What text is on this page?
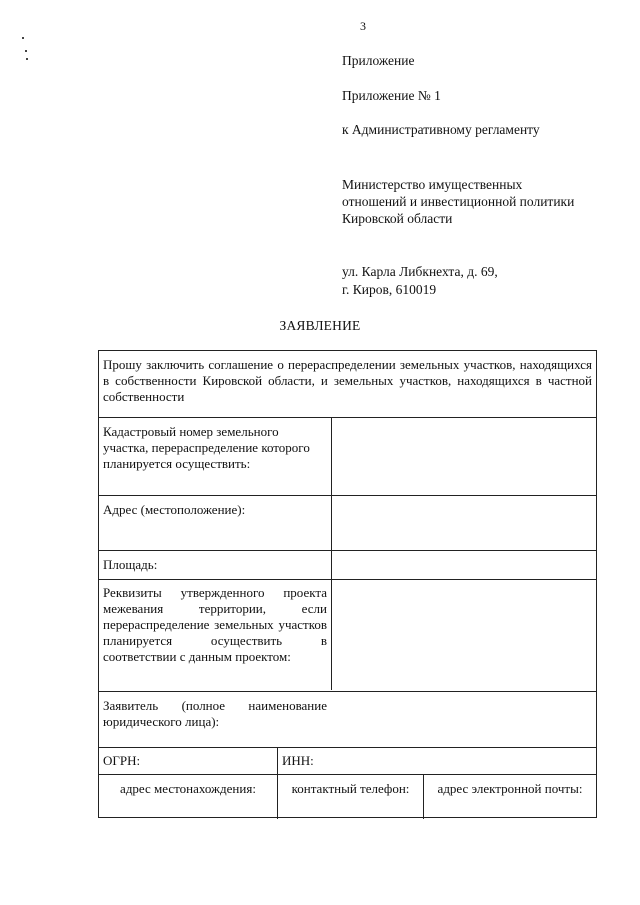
3
Приложение
Приложение № 1
к Административному регламенту
Министерство имущественных
отношений и инвестиционной политики
Кировской области
ул. Карла Либкнехта, д. 69,
г. Киров, 610019
ЗАЯВЛЕНИЕ
Прошу заключить соглашение о перераспределении земельных участков, находящихся в собственности Кировской области, и земельных участков, находящихся в частной собственности
Кадастровый номер земельного участка, перераспределение которого планируется осуществить:
Адрес (местоположение):
Площадь:
Реквизиты утвержденного проекта межевания территории, если перераспределение земельных участков планируется осуществить в соответствии с данным проектом:
Заявитель (полное наименование юридического лица):
ОГРН:	ИНН:
адрес местонахождения:	контактный телефон:	адрес электронной почты:
